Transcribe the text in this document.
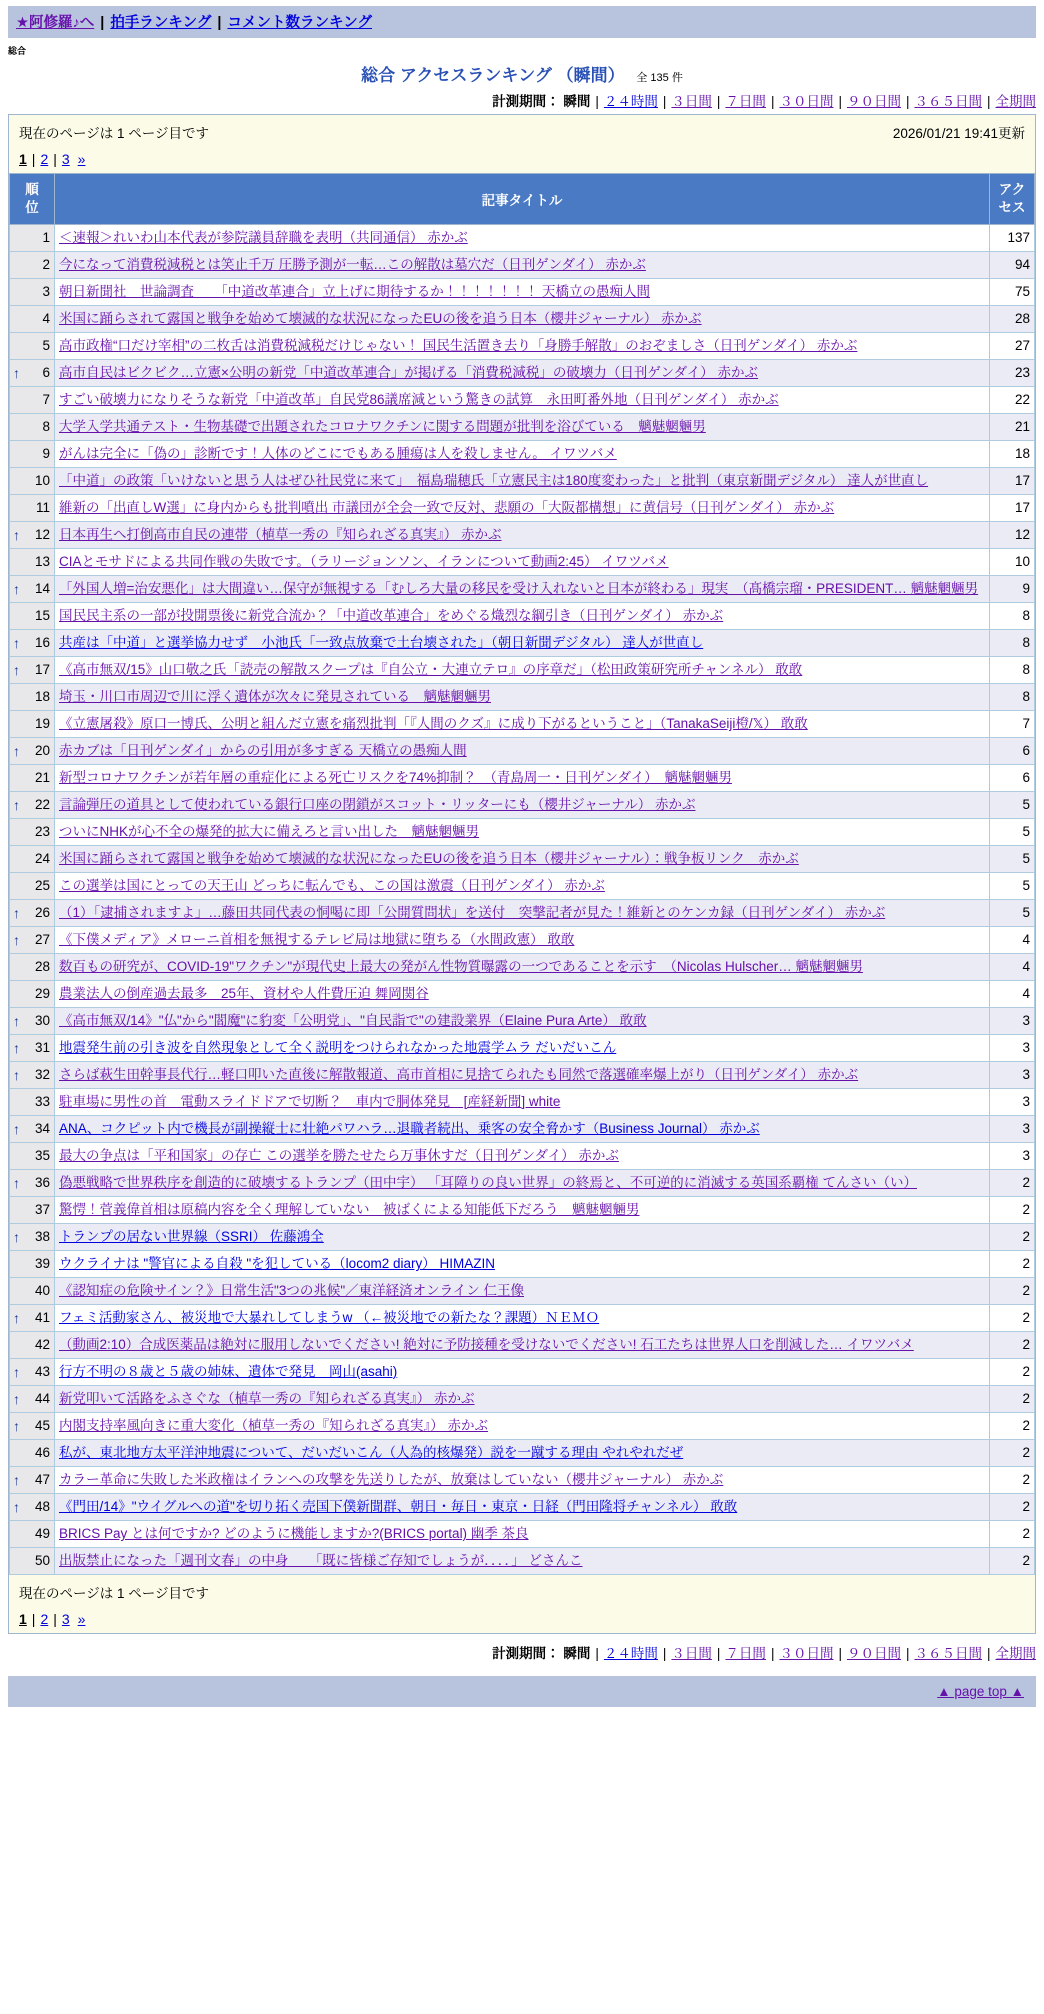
★阿修羅♪へ | 拍手ランキング | コメント数ランキング
総合
総合 アクセスランキング （瞬間） 全 135 件
計測期間： 瞬間 | ２４時間 | ３日間 | ７日間 | ３０日間 | ９０日間 | ３６５日間 | 全期間
現在のページは 1 ページ目です	2026/01/21 19:41更新
1 | 2 | 3 »
順位	記事タイトル	アクセス
1	＜速報＞れいわ山本代表が参院議員辞職を表明（共同通信） 赤かぶ	137
2	今になって消費税減税とは笑止千万 圧勝予測が一転…この解散は墓穴だ（日刊ゲンダイ） 赤かぶ	94
3	朝日新聞社　世論調査　　「中道改革連合」立上げに期待するか！！！！！！！ 天橋立の愚痴人間	75
4	米国に踊らされて露国と戦争を始めて壊滅的な状況になったEUの後を追う日本（櫻井ジャーナル） 赤かぶ	28
5	高市政権“口だけ宰相”の二枚舌は消費税減税だけじゃない！ 国民生活置き去り「身勝手解散」のおぞましさ（日刊ゲンダイ） 赤かぶ	27

↑ 6	高市自民はビクビク…立憲×公明の新党「中道改革連合」が掲げる「消費税減税」の破壊力（日刊ゲンダイ） 赤かぶ	23
7	すごい破壊力になりそうな新党「中道改革」自民党86議席減という驚きの試算　永田町番外地（日刊ゲンダイ） 赤かぶ	22
8	大学入学共通テスト・生物基礎で出題されたコロナワクチンに関する問題が批判を浴びている　魑魅魍魎男	21
9	がんは完全に「偽の」診断です！人体のどこにでもある腫瘍は人を殺しません。 イワツバメ	18
10	「中道」の政策「いけないと思う人はぜひ社民党に来て」　福島瑞穂氏「立憲民主は180度変わった」と批判（東京新聞デジタル） 達人が世直し	17
11	維新の「出直しW選」に身内からも批判噴出 市議団が全会一致で反対、悲願の「大阪都構想」に黄信号（日刊ゲンダイ） 赤かぶ	17

↑ 12	日本再生へ打倒高市自民の連帯（植草一秀の『知られざる真実』） 赤かぶ	12
13	CIAとモサドによる共同作戦の失敗です。（ラリージョンソン、イランについて動画2:45） イワツバメ	10

↑ 14	「外国人増=治安悪化」は大間違い…保守が無視する「むしろ大量の移民を受け入れないと日本が終わる」現実　（髙橋宗瑠・PRESIDENT… 魑魅魍魎男	9
15	国民民主系の一部が投開票後に新党合流か？「中道改革連合」をめぐる熾烈な綱引き（日刊ゲンダイ） 赤かぶ	8

↑ 16	共産は「中道」と選挙協力せず　小池氏「一致点放棄で土台壊された」（朝日新聞デジタル） 達人が世直し	8

↑ 17	《高市無双/15》山口敬之氏「読売の解散スクープは『自公立・大連立テロ』の序章だ」（松田政策研究所チャンネル） 敢敢	8
18	埼玉・川口市周辺で川に浮く遺体が次々に発見されている　魑魅魍魎男	8
19	《立憲屠殺》原口一博氏、公明と組んだ立憲を痛烈批判「『人間のクズ』に成り下がるということ」（TanakaSeiji橙/𝕏） 敢敢	7

↑ 20	赤カブは「日刊ゲンダイ」からの引用が多すぎる 天橋立の愚痴人間	6
21	新型コロナワクチンが若年層の重症化による死亡リスクを74%抑制？　（青島周一・日刊ゲンダイ）　魑魅魍魎男	6

↑ 22	言論弾圧の道具として使われている銀行口座の閉鎖がスコット・リッターにも（櫻井ジャーナル） 赤かぶ	5
23	ついにNHKが心不全の爆発的拡大に備えろと言い出した　魑魅魍魎男	5
24	米国に踊らされて露国と戦争を始めて壊滅的な状況になったEUの後を追う日本（櫻井ジャーナル）：戦争板リンク　赤かぶ	5
25	この選挙は国にとっての天王山 どっちに転んでも、この国は激震（日刊ゲンダイ） 赤かぶ	5

↑ 26	（1）「逮捕されますよ」…藤田共同代表の恫喝に即「公開質問状」を送付　突撃記者が見た！維新とのケンカ録（日刊ゲンダイ） 赤かぶ	5

↑ 27	《下僕メディア》メローニ首相を無視するテレビ局は地獄に堕ちる（水間政憲） 敢敢	4
28	数百もの研究が、COVID-19"ワクチン"が現代史上最大の発がん性物質曝露の一つであることを示す　（Nicolas Hulscher… 魑魅魍魎男	4
29	農業法人の倒産過去最多　25年、資材や人件費圧迫 舞岡関谷	4

↑ 30	《高市無双/14》"仏"から"閻魔"に豹変「公明党」、"自民詣で"の建設業界（Elaine Pura Arte） 敢敢	3

↑ 31	地震発生前の引き波を自然現象として全く説明をつけられなかった地震学ムラ だいだいこん	3

↑ 32	さらば萩生田幹事長代行…軽口叩いた直後に解散報道、高市首相に見捨てられたも同然で落選確率爆上がり（日刊ゲンダイ） 赤かぶ	3
33	駐車場に男性の首　電動スライドドアで切断？　車内で胴体発見　[産経新聞] white	3

↑ 34	ANA、コクピット内で機長が副操縦士に壮絶パワハラ…退職者続出、乗客の安全脅かす（Business Journal） 赤かぶ	3
35	最大の争点は「平和国家」の存亡 この選挙を勝たせたら万事休すだ（日刊ゲンダイ） 赤かぶ	3

↑ 36	偽悪戦略で世界秩序を創造的に破壊するトランプ（田中宇） 「耳障りの良い世界」の終焉と、不可逆的に消滅する英国系覇権 てんさい（い）	2
37	驚愕！菅義偉首相は原稿内容を全く理解していない　被ばくによる知能低下だろう　魑魅魍魎男	2

↑ 38	トランプの居ない世界線（SSRI） 佐藤鴻全	2
39	ウクライナは "警官による自殺 "を犯している（locom2 diary） HIMAZIN	2
40	《認知症の危険サイン？》日常生活"3つの兆候"／東洋経済オンライン 仁王像	2

↑ 41	フェミ活動家さん、被災地で大暴れしてしまうw （←被災地での新たな？課題）ＮＥＭＯ	2
42	（動画2:10）合成医薬品は絶対に服用しないでください! 絶対に予防接種を受けないでください! 石工たちは世界人口を削減した… イワツバメ	2

↑ 43	行方不明の８歳と５歳の姉妹、遺体で発見　岡山(asahi)	2

↑ 44	新党叩いて活路をふさぐな（植草一秀の『知られざる真実』） 赤かぶ	2

↑ 45	内閣支持率風向きに重大変化（植草一秀の『知られざる真実』） 赤かぶ	2
46	私が、東北地方太平洋沖地震について、だいだいこん（人為的核爆発）説を一蹴する理由 やれやれだぜ	2

↑ 47	カラー革命に失敗した米政権はイランへの攻撃を先送りしたが、放棄はしていない（櫻井ジャーナル） 赤かぶ	2

↑ 48	《門田/14》"ウイグルへの道"を切り拓く売国下僕新聞群、朝日・毎日・東京・日経（門田隆将チャンネル） 敢敢	2
49	BRICS Pay とは何ですか? どのように機能しますか?(BRICS portal) 幽季 茶良	2
50	出版禁止になった「週刊文春」の中身　　「既に皆様ご存知でしょうが．．．．」 どさんこ	2
現在のページは 1 ページ目です
1 | 2 | 3 »
計測期間： 瞬間 | ２４時間 | ３日間 | ７日間 | ３０日間 | ９０日間 | ３６５日間 | 全期間
▲ page top ▲
